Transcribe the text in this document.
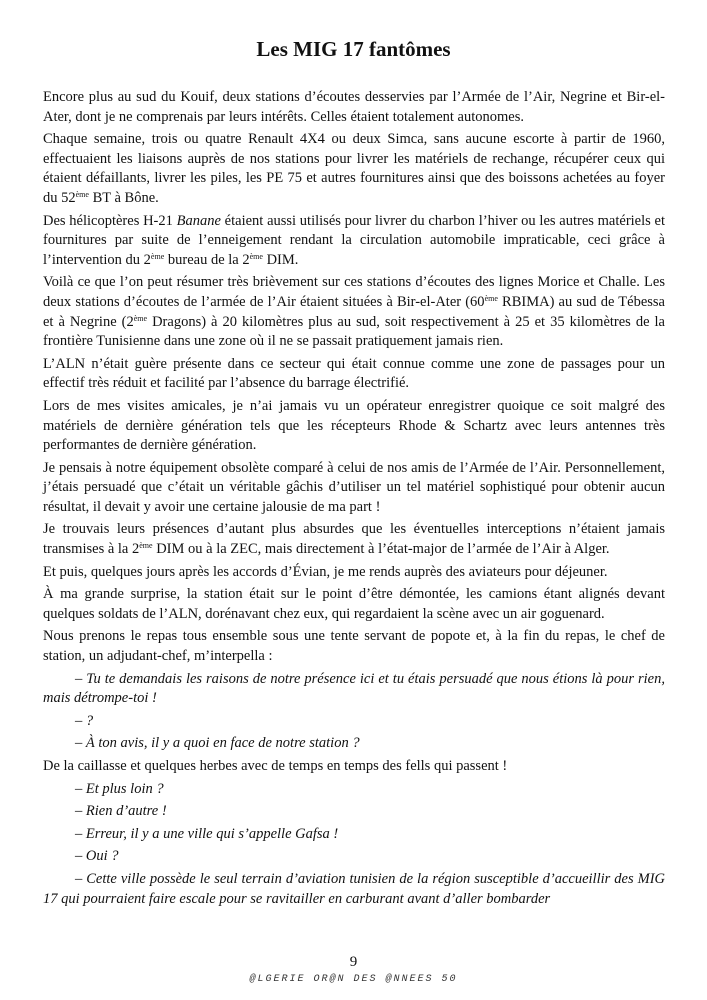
Les MIG 17 fantômes

Encore plus au sud du Kouif, deux stations d’écoutes desservies par l’Armée de l’Air, Negrine et Bir-el-Ater, dont je ne comprenais par leurs intérêts. Celles étaient totalement autonomes.

Chaque semaine, trois ou quatre Renault 4X4 ou deux Simca, sans aucune escorte à partir de 1960, effectuaient les liaisons auprès de nos stations pour livrer les matériels de rechange, récupérer ceux qui étaient défaillants, livrer les piles, les PE 75 et autres fournitures ainsi que des boissons achetées au foyer du 52ème BT à Bône.

Des hélicoptères H-21 Banane étaient aussi utilisés pour livrer du charbon l’hiver ou les autres matériels et fournitures par suite de l’enneigement rendant la circulation automobile impraticable, ceci grâce à l’intervention du 2ème bureau de la 2ème DIM.

Voilà ce que l’on peut résumer très brièvement sur ces stations d’écoutes des lignes Morice et Challe. Les deux stations d’écoutes de l’armée de l’Air étaient situées à Bir-el-Ater (60ème RBIMA) au sud de Tébessa et à Negrine (2ème Dragons) à 20 kilomètres plus au sud, soit respectivement à 25 et 35 kilomètres de la frontière Tunisienne dans une zone où il ne se passait pratiquement jamais rien.

L’ALN n’était guère présente dans ce secteur qui était connue comme une zone de passages pour un effectif très réduit et facilité par l’absence du barrage électrifié.

Lors de mes visites amicales, je n’ai jamais vu un opérateur enregistrer quoique ce soit malgré des matériels de dernière génération tels que les récepteurs Rhode & Schartz avec leurs antennes très performantes de dernière génération.

Je pensais à notre équipement obsolète comparé à celui de nos amis de l’Armée de l’Air. Personnellement, j’étais persuadé que c’était un véritable gâchis d’utiliser un tel matériel sophistiqué pour obtenir aucun résultat, il devait y avoir une certaine jalousie de ma part !

Je trouvais leurs présences d’autant plus absurdes que les éventuelles interceptions n’étaient jamais transmises à la 2ème DIM ou à la ZEC, mais directement à l’état-major de l’armée de l’Air à Alger.

Et puis, quelques jours après les accords d’Évian, je me rends auprès des aviateurs pour déjeuner.

À ma grande surprise, la station était sur le point d’être démontée, les camions étant alignés devant quelques soldats de l’ALN, dorénavant chez eux, qui regardaient la scène avec un air goguenard.

Nous prenons le repas tous ensemble sous une tente servant de popote et, à la fin du repas, le chef de station, un adjudant-chef, m’interpella :

– Tu te demandais les raisons de notre présence ici et tu étais persuadé que nous étions là pour rien, mais détrompe-toi !

– ?

– À ton avis, il y a quoi en face de notre station ?

De la caillasse et quelques herbes avec de temps en temps des fells qui passent !

– Et plus loin ?

– Rien d’autre !

– Erreur, il y a une ville qui s’appelle Gafsa !

– Oui ?

– Cette ville possède le seul terrain d’aviation tunisien de la région susceptible d’accueillir des MIG 17 qui pourraient faire escale pour se ravitailler en carburant avant d’aller bombarder

9
@LGERIE OR@N DES @NNEES 50
